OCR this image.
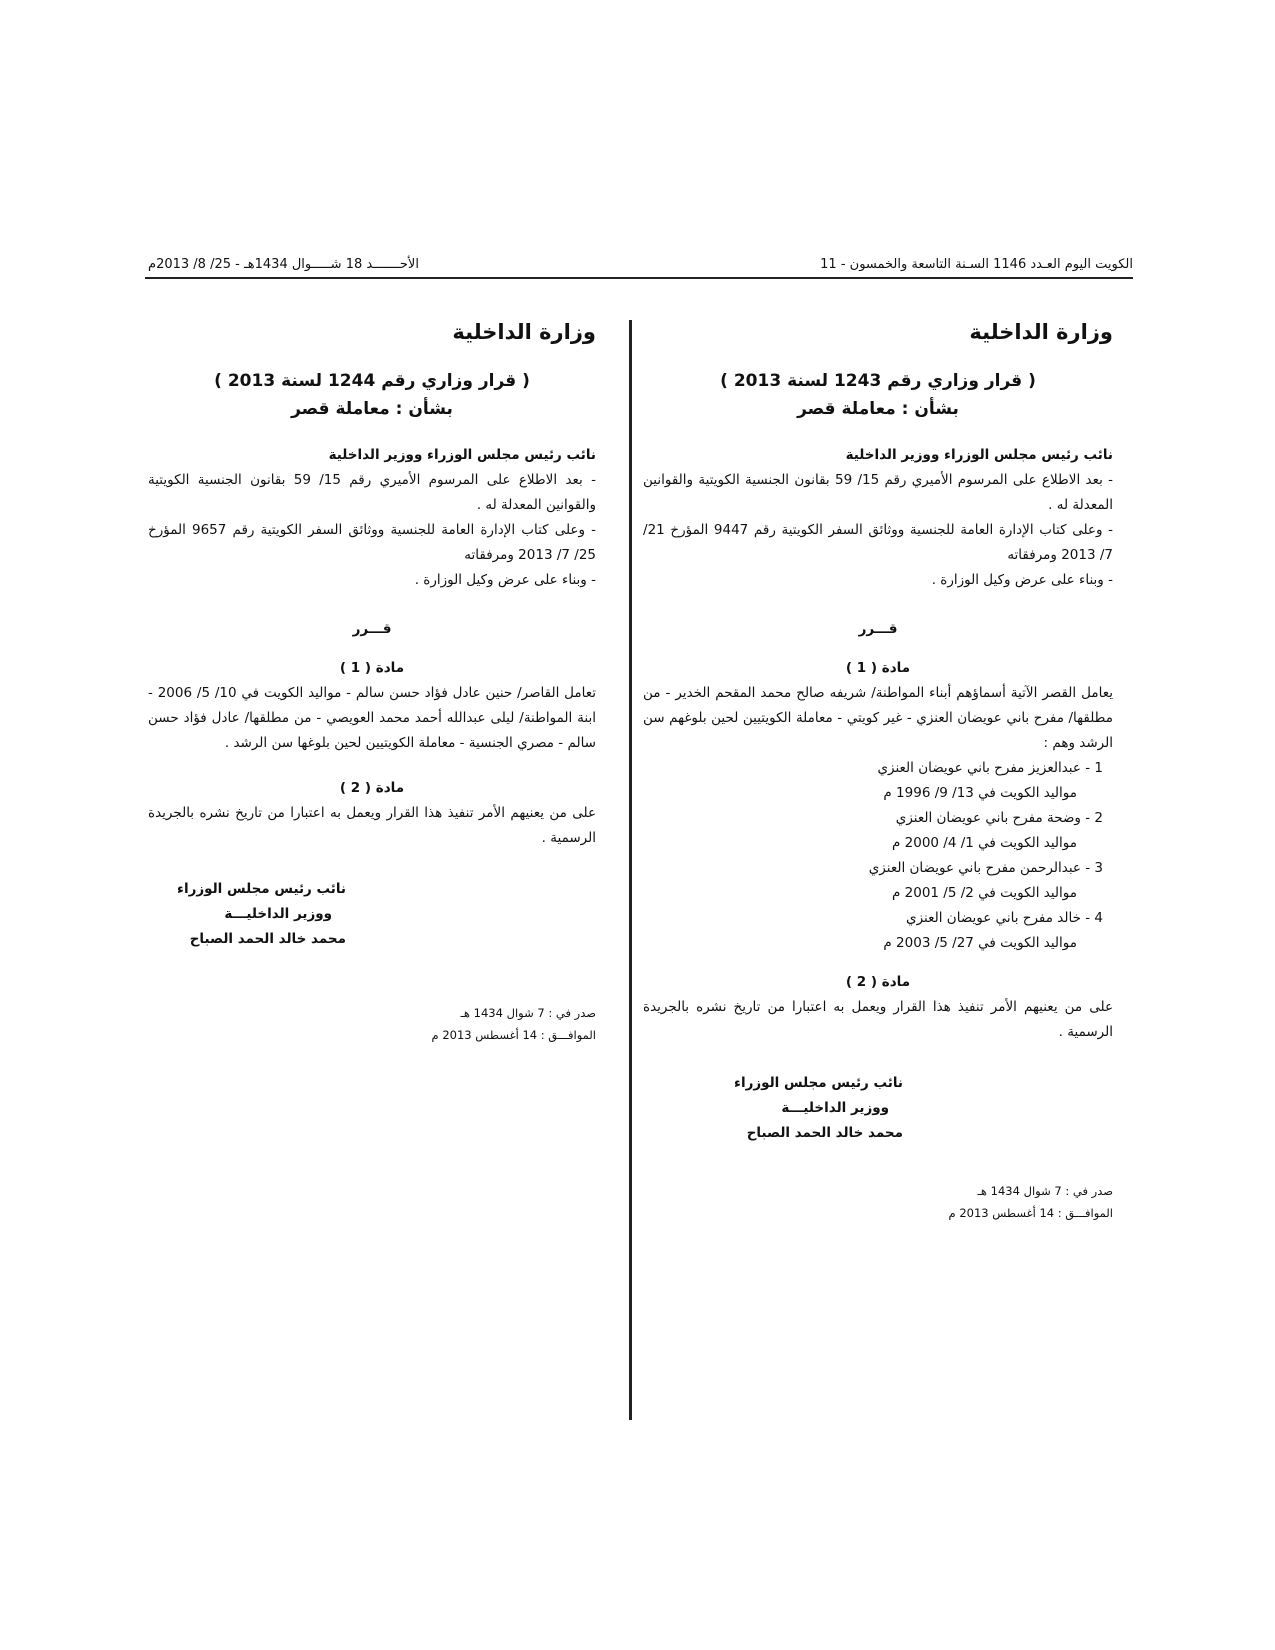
الكويت اليوم العـدد 1146 السـنة التاسعة والخمسون - 11
الأحـــــــد 18 شـــــوال 1434هـ - 25/ 8/ 2013م
وزارة الداخلية
( قرار وزاري رقم 1243 لسنة 2013 )
بشأن : معاملة قصر
نائب رئيس مجلس الوزراء ووزير الداخلية
- بعد الاطلاع على المرسوم الأميري رقم 15/ 59 بقانون الجنسية الكويتية والقوانين المعدلة له .
- وعلى كتاب الإدارة العامة للجنسية ووثائق السفر الكويتية رقم 9447 المؤرخ 21/ 7/ 2013 ومرفقاته
- وبناء على عرض وكيل الوزارة .
قـــرر
مادة ( 1 )
يعامل القصر الآتية أسماؤهم أبناء المواطنة/ شريفه صالح محمد المقحم الخدير - من مطلقها/ مفرح باني عويضان العنزي - غير كويتي - معاملة الكويتيين لحين بلوغهم سن الرشد وهم :
1 - عبدالعزيز مفرح باني عويضان العنزي
مواليد الكويت في 13/ 9/ 1996 م
2 - وضحة مفرح باني عويضان العنزي
مواليد الكويت في 1/ 4/ 2000 م
3 - عبدالرحمن مفرح باني عويضان العنزي
مواليد الكويت في 2/ 5/ 2001 م
4 - خالد مفرح باني عويضان العنزي
مواليد الكويت في 27/ 5/ 2003 م
مادة ( 2 )
على من يعنيهم الأمر تنفيذ هذا القرار ويعمل به اعتبارا من تاريخ نشره بالجريدة الرسمية .
نائب رئيس مجلس الوزراء
ووزير الداخليـــة
محمد خالد الحمد الصباح
صدر في : 7 شوال 1434 هـ
الموافـــق : 14 أغسطس 2013 م
وزارة الداخلية
( قرار وزاري رقم 1244 لسنة 2013 )
بشأن : معاملة قصر
نائب رئيس مجلس الوزراء ووزير الداخلية
- بعد الاطلاع على المرسوم الأميري رقم 15/ 59 بقانون الجنسية الكويتية والقوانين المعدلة له .
- وعلى كتاب الإدارة العامة للجنسية ووثائق السفر الكويتية رقم 9657 المؤرخ 25/ 7/ 2013 ومرفقاته
- وبناء على عرض وكيل الوزارة .
قـــرر
مادة ( 1 )
تعامل القاصر/ حنين عادل فؤاد حسن سالم - مواليد الكويت في 10/ 5/ 2006 - ابنة المواطنة/ ليلى عبدالله أحمد محمد العويصي - من مطلقها/ عادل فؤاد حسن سالم - مصري الجنسية - معاملة الكويتيين لحين بلوغها سن الرشد .
مادة ( 2 )
على من يعنيهم الأمر تنفيذ هذا القرار ويعمل به اعتبارا من تاريخ نشره بالجريدة الرسمية .
نائب رئيس مجلس الوزراء
ووزير الداخليـــة
محمد خالد الحمد الصباح
صدر في : 7 شوال 1434 هـ
الموافـــق : 14 أغسطس 2013 م
